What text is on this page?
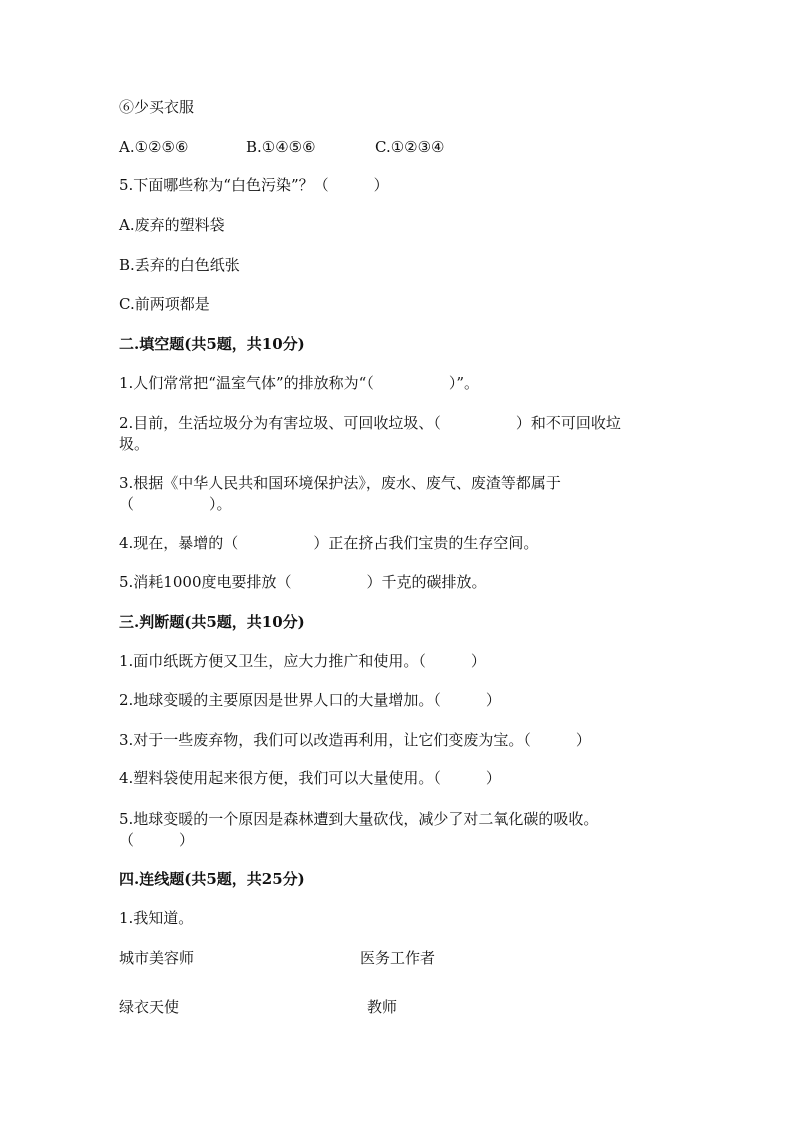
⑥少买衣服
A.①②⑤⑥	B.①④⑤⑥	C.①②③④
5.下面哪些称为“白色污染”？（　　　）
A.废弃的塑料袋
B.丢弃的白色纸张
C.前两项都是
二.填空题(共5题，共10分)
1.人们常常把“温室气体”的排放称为“（　　　　　）”。
2.目前，生活垃圾分为有害垃圾、可回收垃圾、（　　　　　）和不可回收垃
圾。
3.根据《中华人民共和国环境保护法》，废水、废气、废渣等都属于
（　　　　　）。
4.现在，暴增的（　　　　　）正在挤占我们宝贵的生存空间。
5.消耗1000度电要排放（　　　　　）千克的碳排放。
三.判断题(共5题，共10分)
1.面巾纸既方便又卫生，应大力推广和使用。（　　　）
2.地球变暖的主要原因是世界人口的大量增加。（　　　）
3.对于一些废弃物，我们可以改造再利用，让它们变废为宝。（　　　）
4.塑料袋使用起来很方便，我们可以大量使用。（　　　）
5.地球变暖的一个原因是森林遭到大量砍伐，减少了对二氧化碳的吸收。
（　　　）
四.连线题(共5题，共25分)
1.我知道。
城市美容师	医务工作者
绿衣天使	教师
